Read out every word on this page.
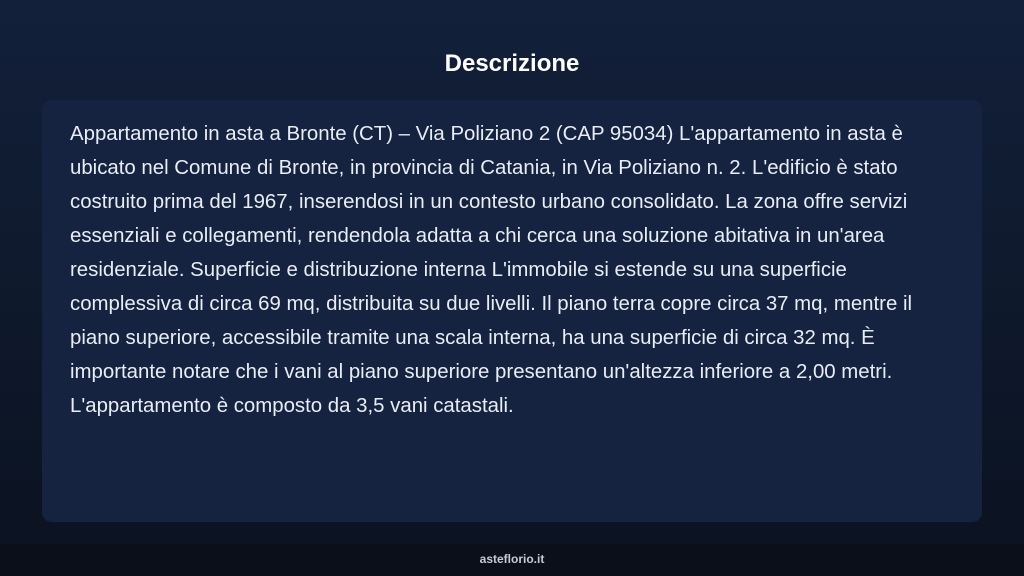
Descrizione

Appartamento in asta a Bronte (CT) – Via Poliziano 2 (CAP 95034) L'appartamento in asta è ubicato nel Comune di Bronte, in provincia di Catania, in Via Poliziano n. 2. L'edificio è stato costruito prima del 1967, inserendosi in un contesto urbano consolidato. La zona offre servizi essenziali e collegamenti, rendendola adatta a chi cerca una soluzione abitativa in un'area residenziale. Superficie e distribuzione interna L'immobile si estende su una superficie complessiva di circa 69 mq, distribuita su due livelli. Il piano terra copre circa 37 mq, mentre il piano superiore, accessibile tramite una scala interna, ha una superficie di circa 32 mq. È importante notare che i vani al piano superiore presentano un'altezza inferiore a 2,00 metri. L'appartamento è composto da 3,5 vani catastali.

asteflorio.it
